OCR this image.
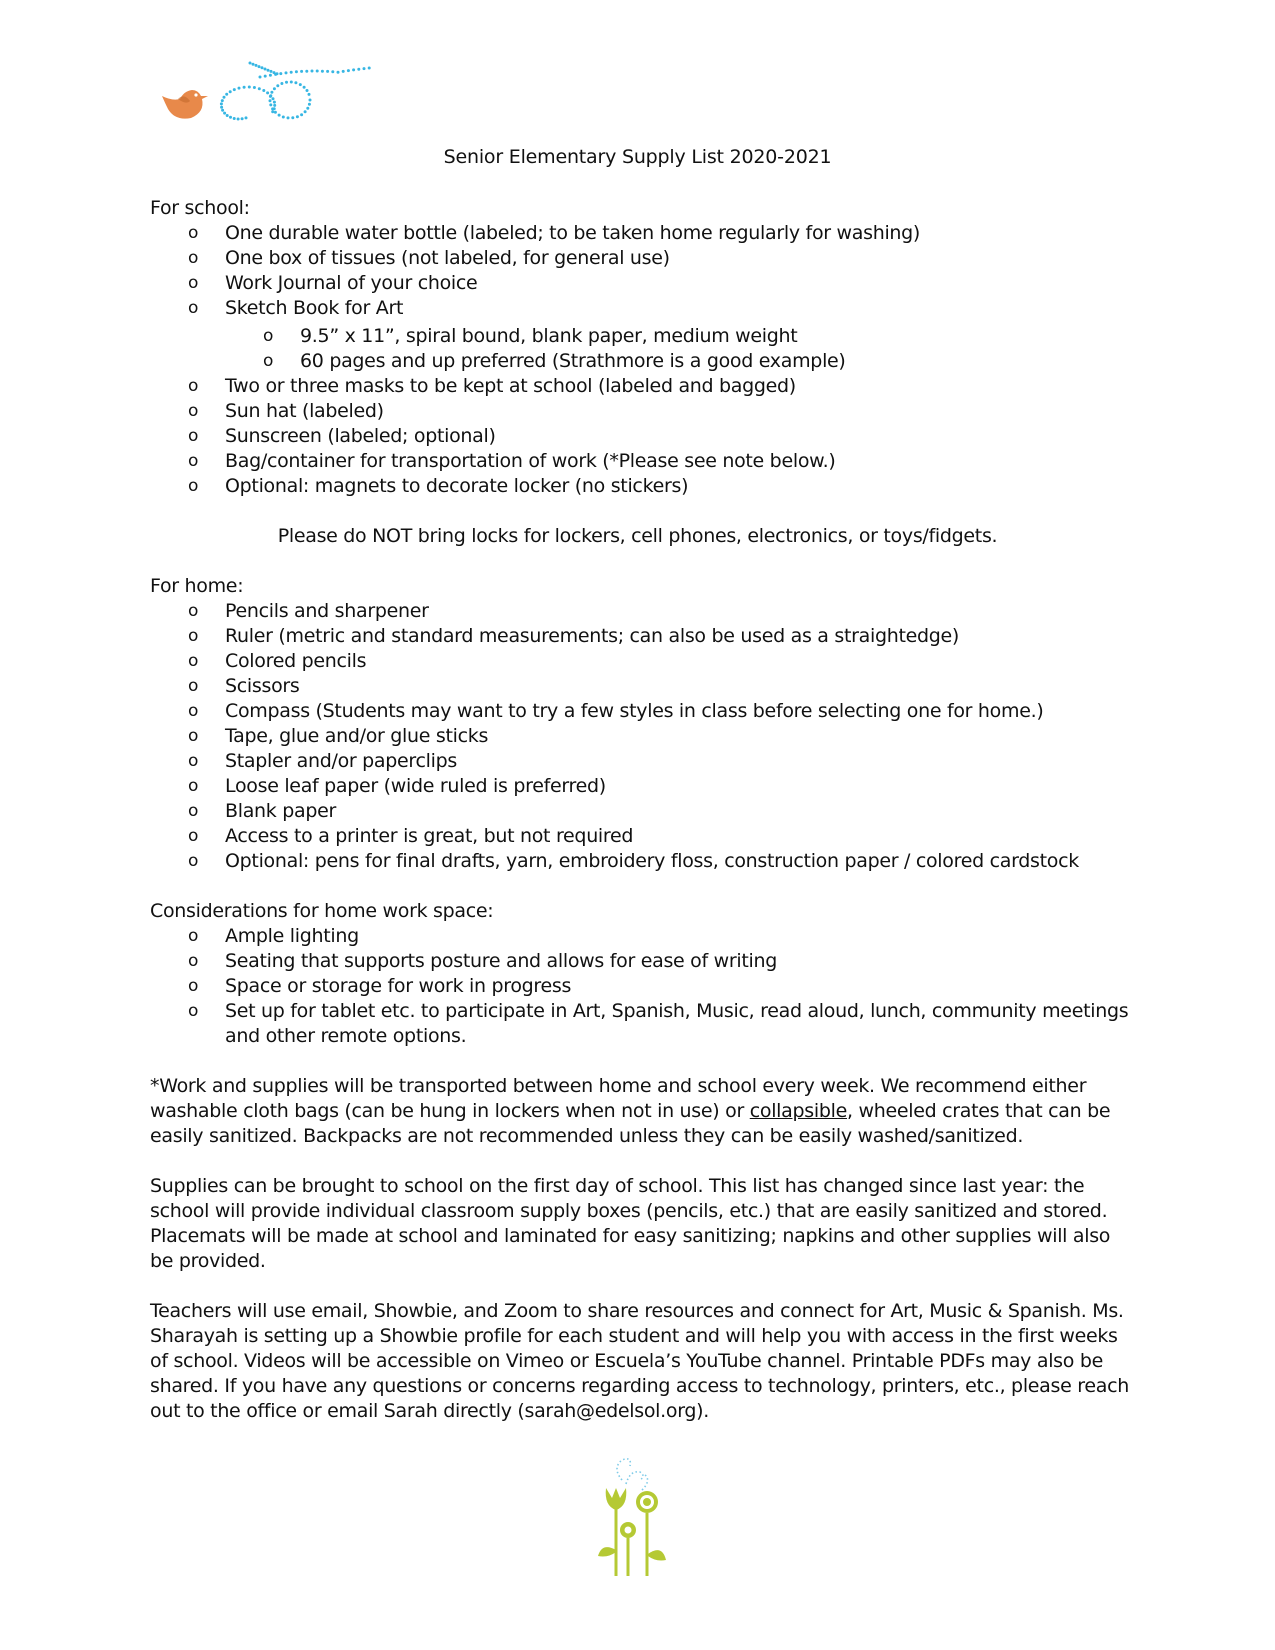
Senior Elementary Supply List 2020-2021
For school:
o One durable water bottle (labeled; to be taken home regularly for washing)
o One box of tissues (not labeled, for general use)
o Work Journal of your choice
o Sketch Book for Art
o 9.5” x 11”, spiral bound, blank paper, medium weight
o 60 pages and up preferred (Strathmore is a good example)
o Two or three masks to be kept at school (labeled and bagged)
o Sun hat (labeled)
o Sunscreen (labeled; optional)
o Bag/container for transportation of work (*Please see note below.)
o Optional: magnets to decorate locker (no stickers)
Please do NOT bring locks for lockers, cell phones, electronics, or toys/fidgets.
For home:
o Pencils and sharpener
o Ruler (metric and standard measurements; can also be used as a straightedge)
o Colored pencils
o Scissors
o Compass (Students may want to try a few styles in class before selecting one for home.)
o Tape, glue and/or glue sticks
o Stapler and/or paperclips
o Loose leaf paper (wide ruled is preferred)
o Blank paper
o Access to a printer is great, but not required
o Optional: pens for final drafts, yarn, embroidery floss, construction paper / colored cardstock
Considerations for home work space:
o Ample lighting
o Seating that supports posture and allows for ease of writing
o Space or storage for work in progress
o Set up for tablet etc. to participate in Art, Spanish, Music, read aloud, lunch, community meetings and other remote options.

*Work and supplies will be transported between home and school every week. We recommend either washable cloth bags (can be hung in lockers when not in use) or collapsible, wheeled crates that can be easily sanitized. Backpacks are not recommended unless they can be easily washed/sanitized.

Supplies can be brought to school on the first day of school. This list has changed since last year: the school will provide individual classroom supply boxes (pencils, etc.) that are easily sanitized and stored. Placemats will be made at school and laminated for easy sanitizing; napkins and other supplies will also be provided.

Teachers will use email, Showbie, and Zoom to share resources and connect for Art, Music & Spanish. Ms. Sharayah is setting up a Showbie profile for each student and will help you with access in the first weeks of school. Videos will be accessible on Vimeo or Escuela’s YouTube channel. Printable PDFs may also be shared. If you have any questions or concerns regarding access to technology, printers, etc., please reach out to the office or email Sarah directly (sarah@edelsol.org).
